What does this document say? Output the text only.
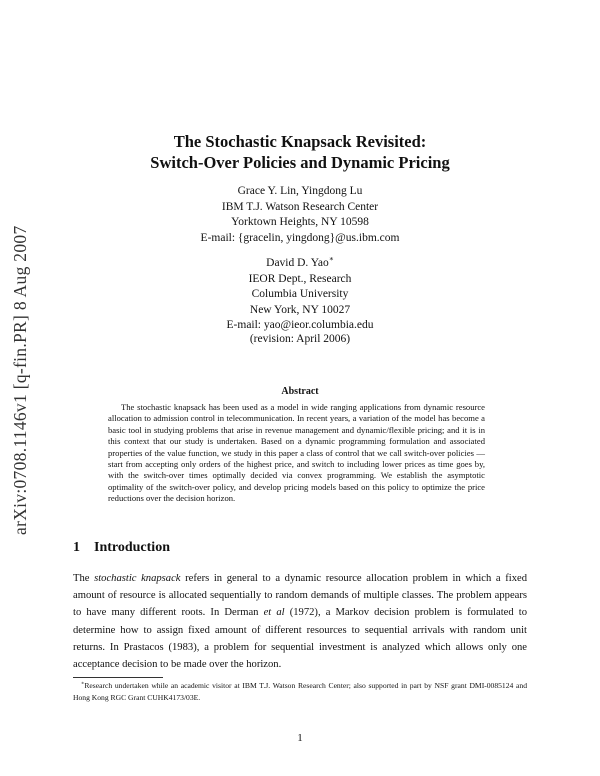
arXiv:0708.1146v1 [q-fin.PR] 8 Aug 2007
The Stochastic Knapsack Revisited:
Switch-Over Policies and Dynamic Pricing
Grace Y. Lin, Yingdong Lu
IBM T.J. Watson Research Center
Yorktown Heights, NY 10598
E-mail: {gracelin, yingdong}@us.ibm.com
David D. Yao∗
IEOR Dept., Research
Columbia University
New York, NY 10027
E-mail: yao@ieor.columbia.edu
(revision: April 2006)
Abstract

The stochastic knapsack has been used as a model in wide ranging applications from dynamic resource allocation to admission control in telecommunication. In recent years, a variation of the model has become a basic tool in studying problems that arise in revenue management and dynamic/flexible pricing; and it is in this context that our study is undertaken. Based on a dynamic programming formulation and associated properties of the value function, we study in this paper a class of control that we call switch-over policies — start from accepting only orders of the highest price, and switch to including lower prices as time goes by, with the switch-over times optimally decided via convex programming. We establish the asymptotic optimality of the switch-over policy, and develop pricing models based on this policy to optimize the price reductions over the decision horizon.

1 Introduction

The stochastic knapsack refers in general to a dynamic resource allocation problem in which a fixed amount of resource is allocated sequentially to random demands of multiple classes. The problem appears to have many different roots. In Derman et al (1972), a Markov decision problem is formulated to determine how to assign fixed amount of different resources to sequential arrivals with random unit returns. In Prastacos (1983), a problem for sequential investment is analyzed which allows only one acceptance decision to be made over the horizon.

∗Research undertaken while an academic visitor at IBM T.J. Watson Research Center; also supported in part by NSF grant DMI-0085124 and Hong Kong RGC Grant CUHK4173/03E.

1
